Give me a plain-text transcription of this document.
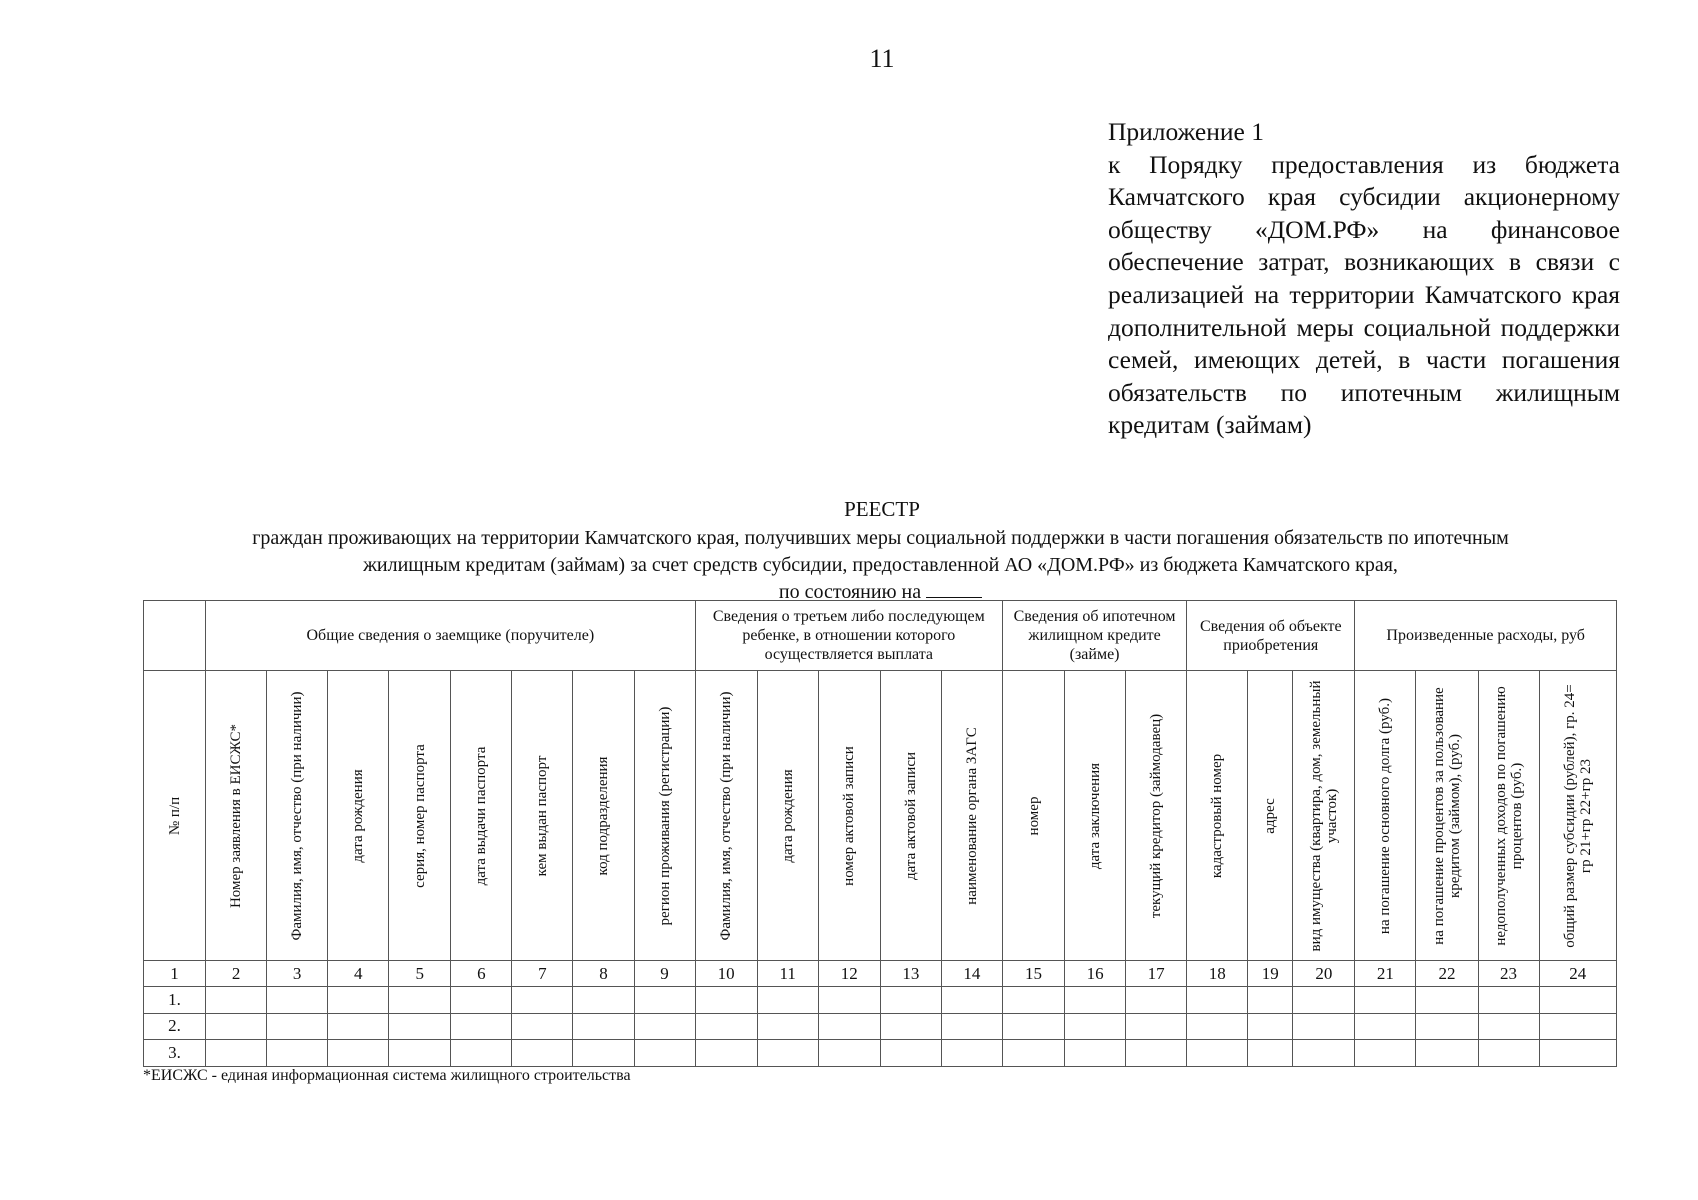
11
Приложение 1
к Порядку предоставления из бюджета Камчатского края субсидии акционерному обществу «ДОМ.РФ» на финансовое обеспечение затрат, возникающих в связи с реализацией на территории Камчатского края дополнительной меры социальной поддержки семей, имеющих детей, в части погашения обязательств по ипотечным жилищным кредитам (займам)
РЕЕСТР
граждан проживающих на территории Камчатского края, получивших меры социальной поддержки в части погашения обязательств по ипотечным
жилищным кредитам (займам) за счет средств субсидии, предоставленной АО «ДОМ.РФ» из бюджета Камчатского края,
по состоянию на
	Общие сведения о заемщике (поручителе)								Сведения о третьем либо последующем ребенке, в отношении которого осуществляется выплата					Сведения об ипотечном жилищном кредите (займе)			Сведения об объекте приобретения			Произведенные расходы, руб			

№ п/п	Номер заявления в ЕИСЖС*	Фамилия, имя, отчество (при наличии)	дата рождения	серия, номер паспорта	дата выдачи паспорта	кем выдан паспорт	код подразделения	регион проживания (регистрации)	Фамилия, имя, отчество (при наличии)	дата рождения	номер актовой записи	дата актовой записи	наименование органа ЗАГС	номер	дата заключения	текущий кредитор (займодавец)	кадастровый номер	адрес	вид имущества (квартира, дом, земельный участок)	на погашение основного долга (руб.)	на погашение процентов за пользование кредитом (займом), (руб.)	недополученных доходов по погашению процентов (руб.)	общий размер субсидии (рублей), гр. 24= гр 21+гр 22+гр 23

1	2	3	4	5	6	7	8	9	10	11	12	13	14	15	16	17	18	19	20	21	22	23	24
1.																							
2.																							
3.																							
*ЕИСЖС - единая информационная система жилищного строительства
